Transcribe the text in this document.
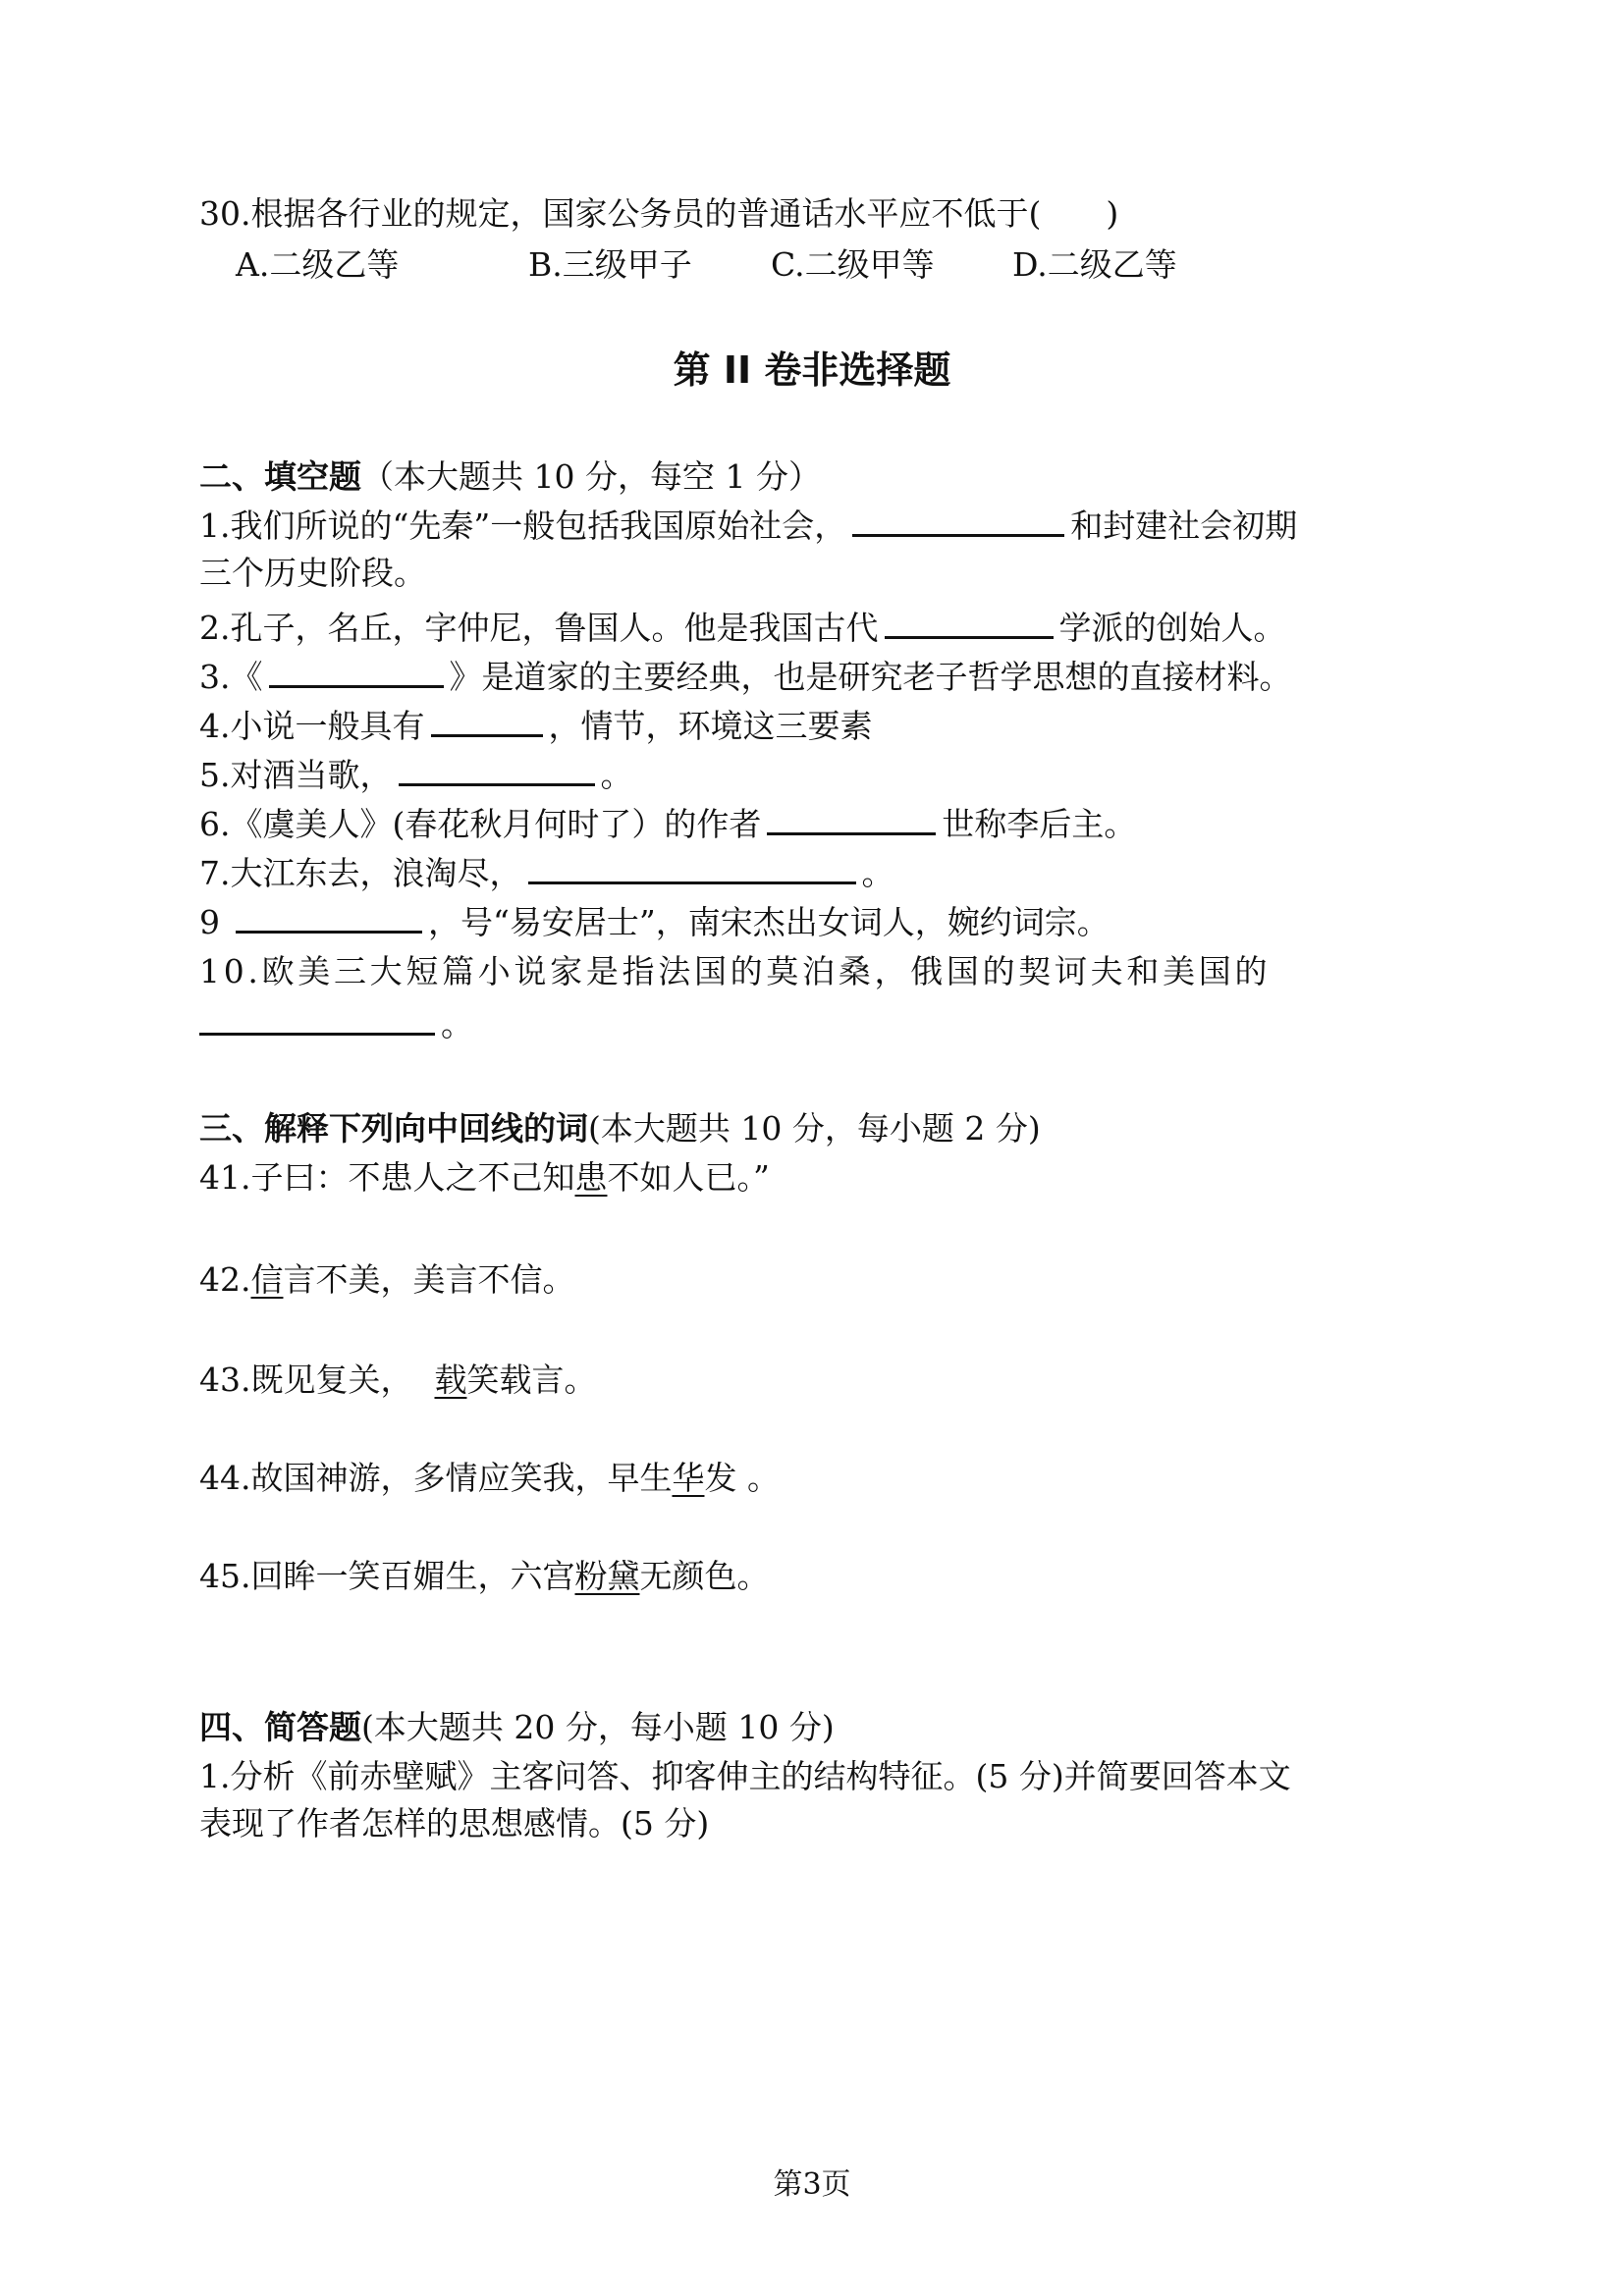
30.根据各行业的规定，国家公务员的普通话水平应不低于(　　)
A.二级乙等	B.三级甲子 C.二级甲等 D.二级乙等
第 II 卷非选择题
二、填空题（本大题共 10 分，每空 1 分）
1.我们所说的“先秦”一般包括我国原始社会，	和封建社会初期
三个历史阶段。
2.孔子，名丘，字仲尼，鲁国人。他是我国古代	学派的创始人。
3.《	》是道家的主要经典，也是研究老子哲学思想的直接材料。
4.小说一般具有	，情节，环境这三要素
5.对酒当歌，	。
6.《虞美人》(春花秋月何时了）的作者	世称李后主。
7.大江东去，浪淘尽，	。
9	，号“易安居士”，南宋杰出女词人，婉约词宗。
10.欧美三大短篇小说家是指法国的莫泊桑，俄国的契诃夫和美国的
。
三、解释下列向中回线的词(本大题共 10 分，每小题 2 分)
41.子曰：不患人之不己知患不如人已。”
42.信言不美，美言不信。
43.既见复关， 载笑载言。
44.故国神游，多情应笑我，早生华发 。
45.回眸一笑百媚生，六宫粉黛无颜色。
四、简答题(本大题共 20 分，每小题 10 分)
1.分析《前赤壁赋》主客问答、抑客伸主的结构特征。(5 分)并简要回答本文
表现了作者怎样的思想感情。(5 分)
第3页
